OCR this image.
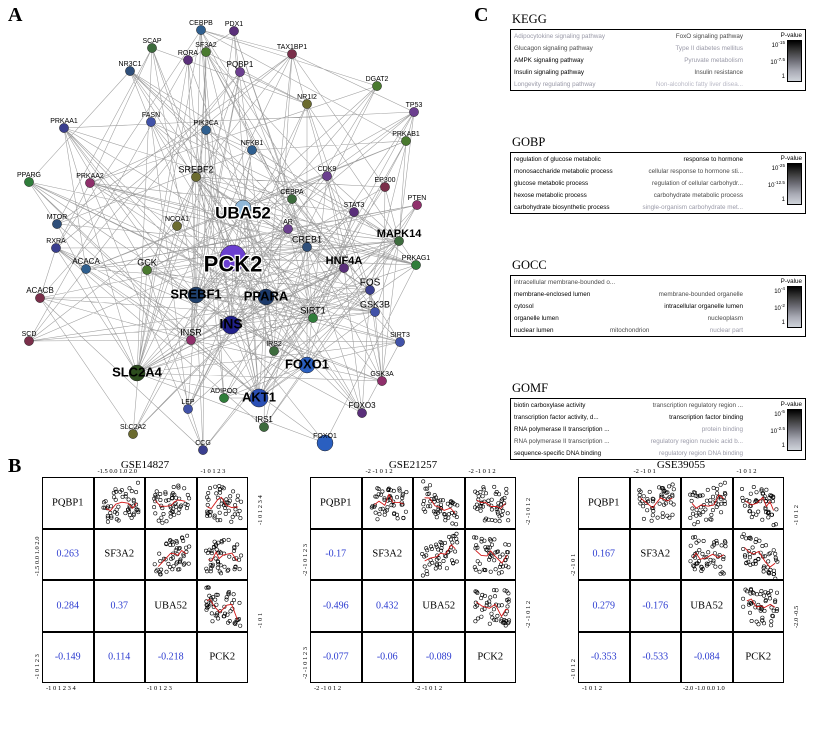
A
UBA52
PCK2
SREBF1 PPARA
INS
SLC2A4
FOXO1
AKT1
MAPK14
HNF4A
CREB1
SREBF2
FOS
GSK3B
SIRT1
INSR
PQBP1
GCK
ACACA
ACACB
IRS1
FOXO3
FOXO1
SLC2A2
CCG
LEP
ADIPOQ
GSK3A
AR
SF3A2
CEBPB
TAX1BP1
SCAP
RORA
NR3C1
NR1I2
PRKAA1
FASN
PPARG	PRKAA2
CDK9
PRKAB1
NFKB1
EP300
CEBPA
STAT3
MTOR	NCOA1
RXRA
SIRT3
PRKAG1
PTEN
TP53
DGAT2
PIK3CA
SCD
IRS2
PDX1	C KEGG
Adipocytokine signaling pathway	FoxO signaling pathway
Glucagon signaling pathway	Type II diabetes mellitus
AMPK signaling pathway	Pyruvate metabolism
Insulin signaling pathway	Insulin resistance
Longevity regulating pathway	Non-alcoholic fatty liver disea...
P-value
$10^{-15}$
$10^{-7.5}$
1
GOBP
regulation of glucose metabolic	response to hormone
monosaccharide metabolic process	cellular response to hormone sti...
glucose metabolic process	regulation of cellular carbohydr...
hexose metabolic process	carbohydrate metabolic process
carbohydrate biosynthetic process	single-organism carbohydrate met...
P-value
$10^{-25}$
$10^{-12.5}$
1
GOCC
intracellular membrane-bounded o...
membrane-enclosed lumen	membrane-bounded organelle
cytosol	intracellular organelle lumen
organelle lumen	nucleoplasm
nuclear lumen	mitochondrion	nuclear part
P-value
$10^{-4}$
$10^{-2}$
1
GOMF
biotin carboxylase activity	transcription regulatory region ...
transcription factor activity, d...	transcription factor binding
RNA polymerase II transcription ...	protein binding
RNA polymerase II transcription ...	regulatory region nucleic acid b...
sequence-specific DNA binding	regulatory region DNA binding
P-value
$10^{-5}$
$10^{-2.5}$
1
B	GSE14827
PQBP1
0.263	SF3A2
0.284	0.37	UBA52
-0.149	0.114	-0.218	PCK2
-1.5 0.0 1.0 2.0	-1 0 1 2 3
-1 0 1 2 3 4	-1 0 1 2 3
-1.5 0.0 1.0 2.0
-1 0 1 2 3
-1 0 1 2 3 4
-1 0 1
GSE21257
PQBP1
-0.17	SF3A2
-0.496	0.432	UBA52
-0.077	-0.06	-0.089	PCK2
-2 -1 0 1 2	-2 -1 0 1 2
-2 -1 0 1 2	-2 -1 0 1 2
-2 -1 0 1 2 3
-2 -1 0 1 2 3
-2 -1 0 1 2
-2 -1 0 1 2
GSE39055
PQBP1
0.167	SF3A2
0.279	-0.176	UBA52
-0.353	-0.533	-0.084	PCK2
-2 -1 0 1	-1 0 1 2
-1 0 1 2	-2.0 -1.0 0.0 1.0
-2 -1 0 1
-1 0 1 2
-1 0 1 2
-2.0 -0.5
